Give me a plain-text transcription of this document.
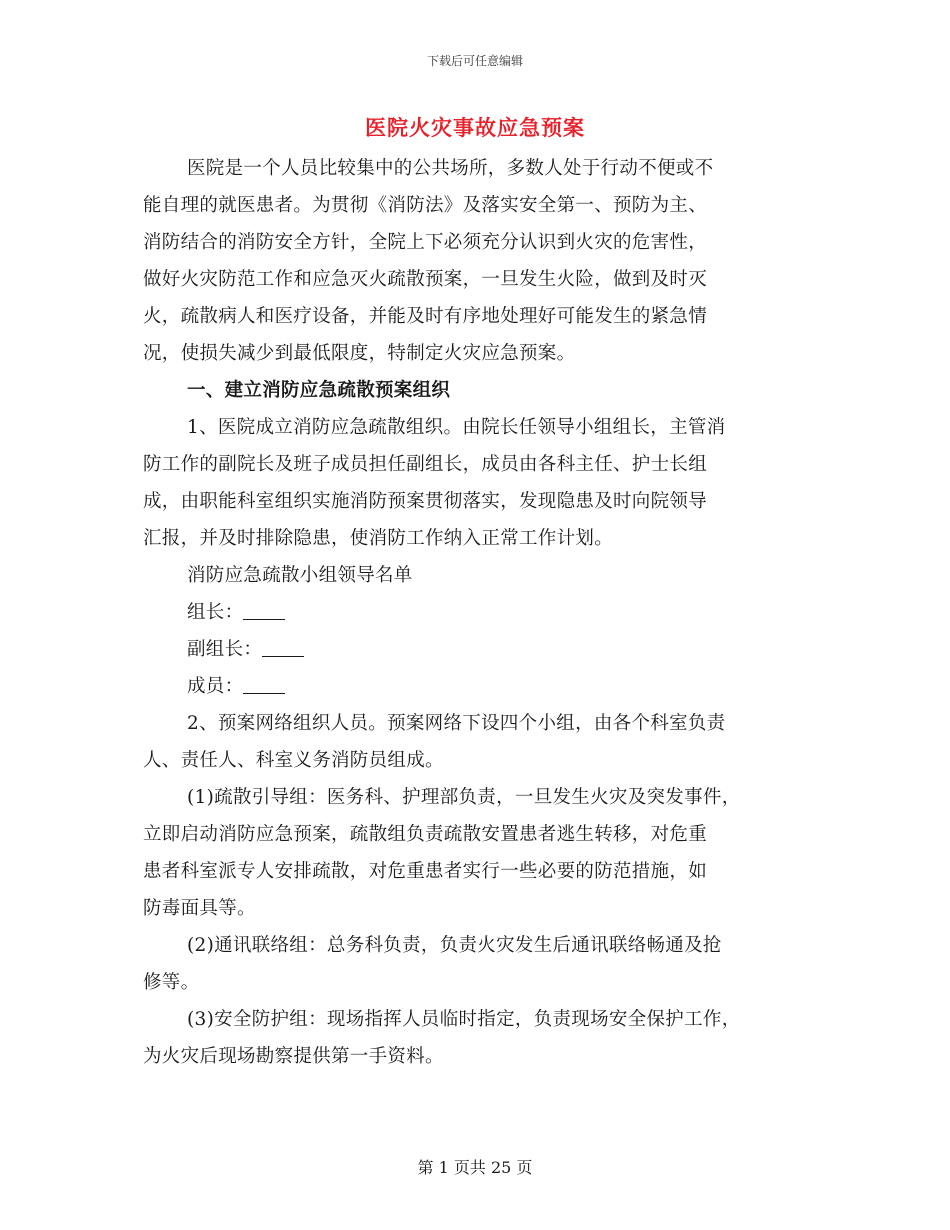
下载后可任意编辑
医院火灾事故应急预案
医院是一个人员比较集中的公共场所，多数人处于行动不便或不
能自理的就医患者。为贯彻《消防法》及落实安全第一、预防为主、
消防结合的消防安全方针，全院上下必须充分认识到火灾的危害性，
做好火灾防范工作和应急灭火疏散预案，一旦发生火险，做到及时灭
火，疏散病人和医疗设备，并能及时有序地处理好可能发生的紧急情
况，使损失减少到最低限度，特制定火灾应急预案。
一、建立消防应急疏散预案组织
1、医院成立消防应急疏散组织。由院长任领导小组组长，主管消
防工作的副院长及班子成员担任副组长，成员由各科主任、护士长组
成，由职能科室组织实施消防预案贯彻落实，发现隐患及时向院领导
汇报，并及时排除隐患，使消防工作纳入正常工作计划。
消防应急疏散小组领导名单
组长：
副组长：
成员：
2、预案网络组织人员。预案网络下设四个小组，由各个科室负责
人、责任人、科室义务消防员组成。
(1)疏散引导组：医务科、护理部负责，一旦发生火灾及突发事件，
立即启动消防应急预案，疏散组负责疏散安置患者逃生转移，对危重
患者科室派专人安排疏散，对危重患者实行一些必要的防范措施，如
防毒面具等。
(2)通讯联络组：总务科负责，负责火灾发生后通讯联络畅通及抢
修等。
(3)安全防护组：现场指挥人员临时指定，负责现场安全保护工作，
为火灾后现场勘察提供第一手资料。
第 1 页共 25 页
